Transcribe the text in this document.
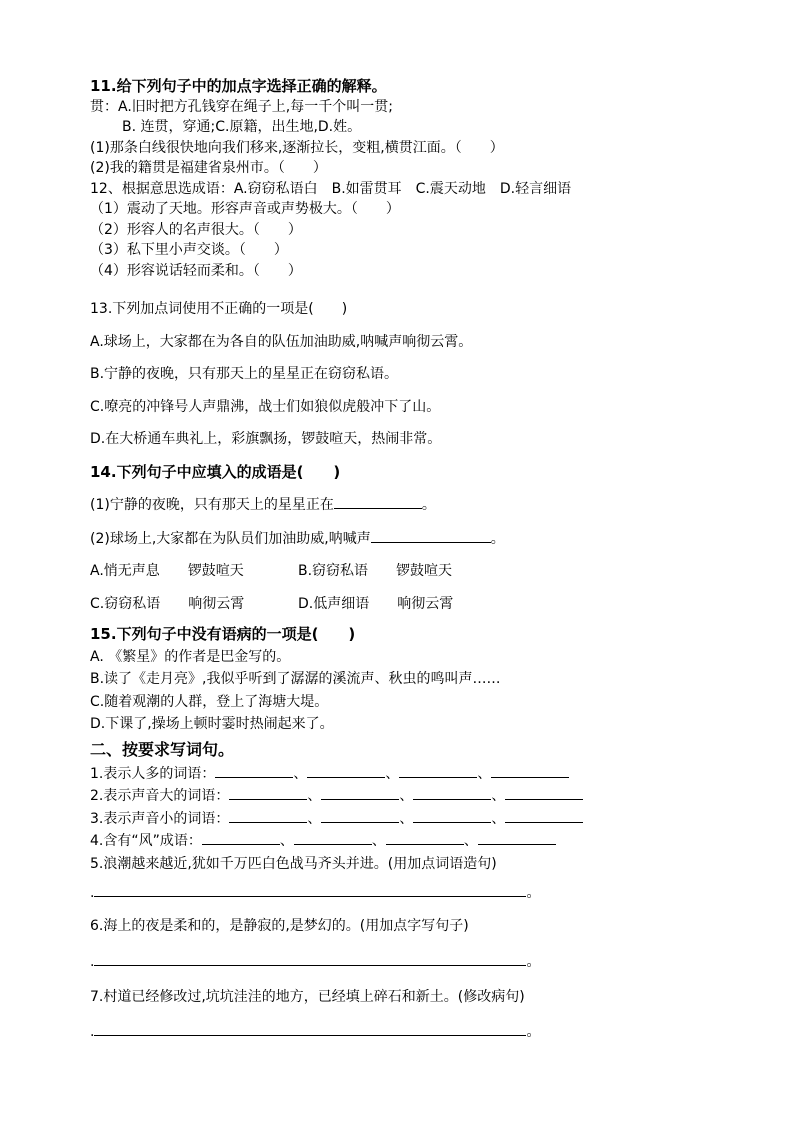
11.给下列句子中的加点字选择正确的解释。
贯：A.旧时把方孔钱穿在绳子上,每一千个叫一贯;
B. 连贯，穿通;C.原籍，出生地,D.姓。
(1)那条白线很快地向我们移来,逐渐拉长，变粗,横贯江面。（　　）
(2)我的籍贯是福建省泉州市。（　　）
12、根据意思选成语：A.窃窃私语白　B.如雷贯耳　C.震天动地　D.轻言细语
（1）震动了天地。形容声音或声势极大。（　　）
（2）形容人的名声很大。（　　）
（3）私下里小声交谈。（　　）
（4）形容说话轻而柔和。（　　）
13.下列加点词使用不正确的一项是(　　)
A.球场上，大家都在为各自的队伍加油助威,呐喊声响彻云霄。
B.宁静的夜晚，只有那天上的星星正在窃窃私语。
C.嘹亮的冲锋号人声鼎沸，战士们如狼似虎般冲下了山。
D.在大桥通车典礼上，彩旗飘扬，锣鼓喧天，热闹非常。
14.下列句子中应填入的成语是(　　)
(1)宁静的夜晚，只有那天上的星星正在	。
(2)球场上,大家都在为队员们加油助威,呐喊声	。
A.悄无声息　　锣鼓喧天	B.窃窃私语　　锣鼓喧天
C.窃窃私语　　响彻云霄	D.低声细语　　响彻云霄
15.下列句子中没有语病的一项是(　　)
A. 《繁星》的作者是巴金写的。
B.读了《走月亮》,我似乎听到了潺潺的溪流声、秋虫的鸣叫声……
C.随着观潮的人群，登上了海塘大堤。
D.下课了,操场上顿时霎时热闹起来了。
二、按要求写词句。
1.表示人多的词语：	、	、	、
2.表示声音大的词语：	、	、	、
3.表示声音小的词语：	、	、	、
4.含有“风”成语：	、	、	、
5.浪潮越来越近,犹如千万匹白色战马齐头并进。(用加点词语造句)
.	。
6.海上的夜是柔和的，是静寂的,是梦幻的。(用加点字写句子)
.	。
7.村道已经修改过,坑坑洼洼的地方，已经填上碎石和新土。(修改病句)
.	。
